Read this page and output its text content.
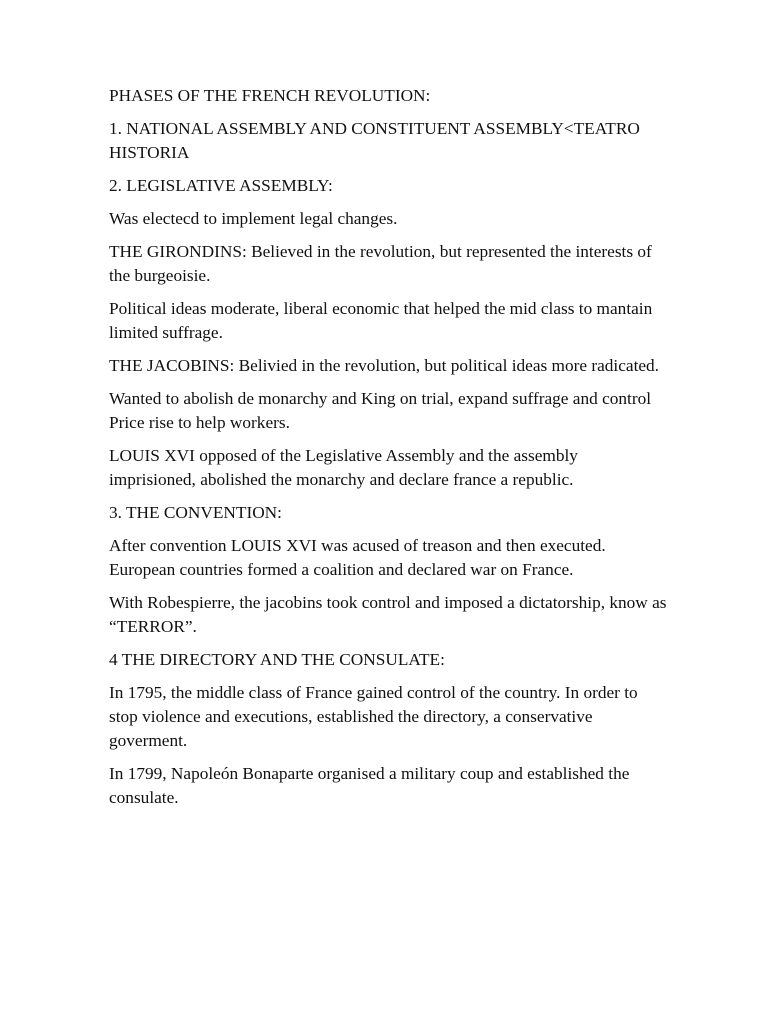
PHASES OF THE FRENCH REVOLUTION:

1. NATIONAL ASSEMBLY AND CONSTITUENT ASSEMBLY<TEATRO HISTORIA

2. LEGISLATIVE ASSEMBLY:

Was electecd to implement legal changes.

THE GIRONDINS: Believed in the revolution, but represented the interests of the burgeoisie.

Political ideas moderate, liberal economic that helped the mid class to mantain limited suffrage.

THE JACOBINS: Belivied in the revolution, but political ideas more radicated.

Wanted to abolish de monarchy and King on trial, expand suffrage and control Price rise to help workers.

LOUIS XVI opposed of the Legislative Assembly and the assembly imprisioned, abolished the monarchy and declare france a republic.

3. THE CONVENTION:

After convention LOUIS XVI was acused of treason and then executed. European countries formed a coalition and declared war on France.

With Robespierre, the jacobins took control and imposed a dictatorship, know as “TERROR”.

4 THE DIRECTORY AND THE CONSULATE:

In 1795, the middle class of France gained control of the country. In order to stop violence and executions, established the directory, a conservative goverment.

In 1799, Napoleón Bonaparte organised a military coup and established the consulate.
